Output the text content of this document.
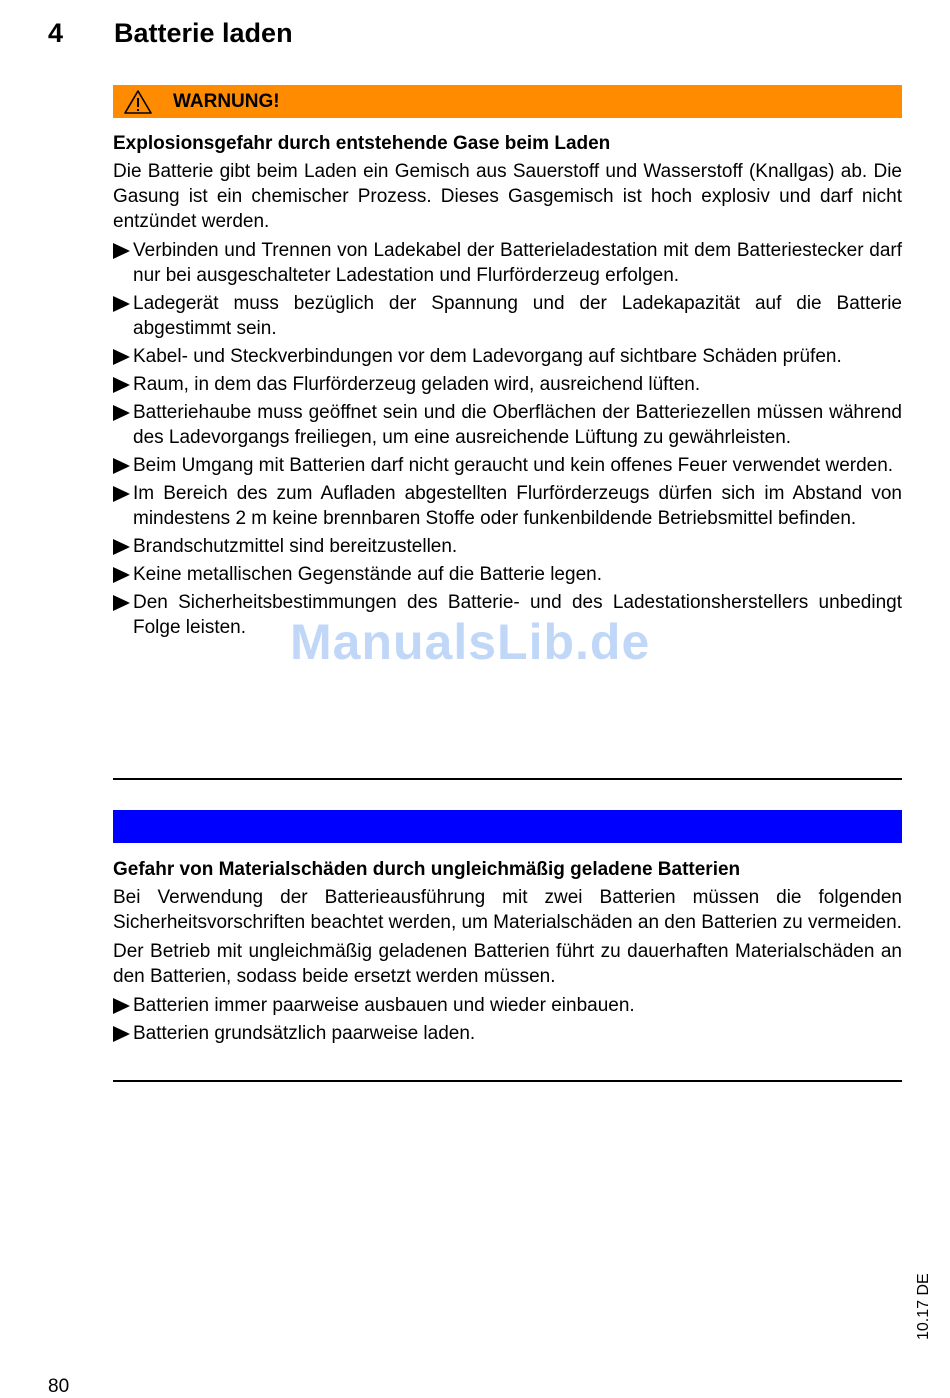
4 Batterie laden
WARNUNG!
Explosionsgefahr durch entstehende Gase beim Laden

Die Batterie gibt beim Laden ein Gemisch aus Sauerstoff und Wasserstoff (Knallgas) ab. Die Gasung ist ein chemischer Prozess. Dieses Gasgemisch ist hoch explosiv und darf nicht entzündet werden.

Verbinden und Trennen von Ladekabel der Batterieladestation mit dem Batteriestecker darf nur bei ausgeschalteter Ladestation und Flurförderzeug erfolgen.
Ladegerät muss bezüglich der Spannung und der Ladekapazität auf die Batterie abgestimmt sein.
Kabel- und Steckverbindungen vor dem Ladevorgang auf sichtbare Schäden prüfen.
Raum, in dem das Flurförderzeug geladen wird, ausreichend lüften.
Batteriehaube muss geöffnet sein und die Oberflächen der Batteriezellen müssen während des Ladevorgangs freiliegen, um eine ausreichende Lüftung zu gewährleisten.
Beim Umgang mit Batterien darf nicht geraucht und kein offenes Feuer verwendet werden.
Im Bereich des zum Aufladen abgestellten Flurförderzeugs dürfen sich im Abstand von mindestens 2 m keine brennbaren Stoffe oder funkenbildende Betriebsmittel befinden.
Brandschutzmittel sind bereitzustellen.
Keine metallischen Gegenstände auf die Batterie legen.
Den Sicherheitsbestimmungen des Batterie- und des Ladestationsherstellers unbedingt Folge leisten.
Gefahr von Materialschäden durch ungleichmäßig geladene Batterien

Bei Verwendung der Batterieausführung mit zwei Batterien müssen die folgenden Sicherheitsvorschriften beachtet werden, um Materialschäden an den Batterien zu vermeiden.

Der Betrieb mit ungleichmäßig geladenen Batterien führt zu dauerhaften Materialschäden an den Batterien, sodass beide ersetzt werden müssen.

Batterien immer paarweise ausbauen und wieder einbauen.
Batterien grundsätzlich paarweise laden.
ManualsLib.de
10.17 DE
80
